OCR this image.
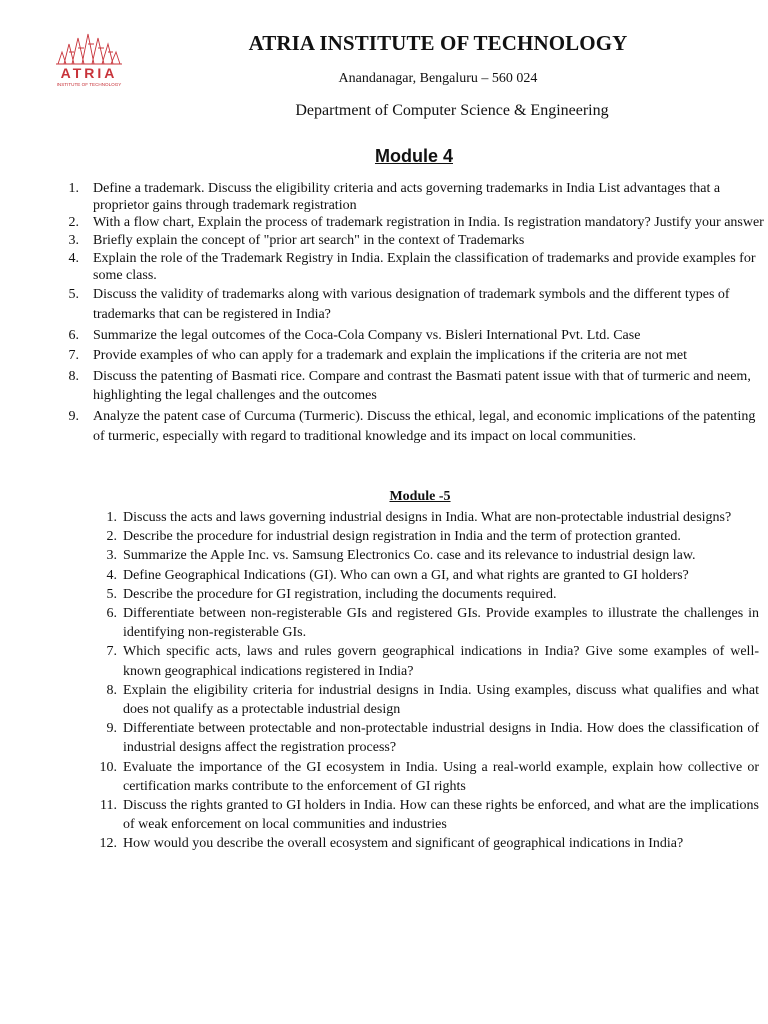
ATRIA
INSTITUTE OF TECHNOLOGY
ATRIA INSTITUTE OF TECHNOLOGY
Anandanagar, Bengaluru – 560 024
Department of Computer Science & Engineering
Module 4
1. Define a trademark. Discuss the eligibility criteria and acts governing trademarks in India List advantages that a proprietor gains through trademark registration
2. With a flow chart, Explain the process of trademark registration in India. Is registration mandatory? Justify your answer
3. Briefly explain the concept of "prior art search" in the context of Trademarks
4. Explain the role of the Trademark Registry in India. Explain the classification of trademarks and provide examples for some class.
5. Discuss the validity of trademarks along with various designation of trademark symbols and the different types of trademarks that can be registered in India?
6. Summarize the legal outcomes of the Coca-Cola Company vs. Bisleri International Pvt. Ltd. Case
7. Provide examples of who can apply for a trademark and explain the implications if the criteria are not met
8. Discuss the patenting of Basmati rice. Compare and contrast the Basmati patent issue with that of turmeric and neem, highlighting the legal challenges and the outcomes
9. Analyze the patent case of Curcuma (Turmeric). Discuss the ethical, legal, and economic implications of the patenting of turmeric, especially with regard to traditional knowledge and its impact on local communities.
Module -5
1. Discuss the acts and laws governing industrial designs in India. What are non-protectable industrial designs?
2. Describe the procedure for industrial design registration in India and the term of protection granted.
3. Summarize the Apple Inc. vs. Samsung Electronics Co. case and its relevance to industrial design law.
4. Define Geographical Indications (GI). Who can own a GI, and what rights are granted to GI holders?
5. Describe the procedure for GI registration, including the documents required.
6. Differentiate between non-registerable GIs and registered GIs. Provide examples to illustrate the challenges in identifying non-registerable GIs.
7. Which specific acts, laws and rules govern geographical indications in India? Give some examples of well-known geographical indications registered in India?
8. Explain the eligibility criteria for industrial designs in India. Using examples, discuss what qualifies and what does not qualify as a protectable industrial design
9. Differentiate between protectable and non-protectable industrial designs in India. How does the classification of industrial designs affect the registration process?
10. Evaluate the importance of the GI ecosystem in India. Using a real-world example, explain how collective or certification marks contribute to the enforcement of GI rights
11. Discuss the rights granted to GI holders in India. How can these rights be enforced, and what are the implications of weak enforcement on local communities and industries
12. How would you describe the overall ecosystem and significant of geographical indications in India?
